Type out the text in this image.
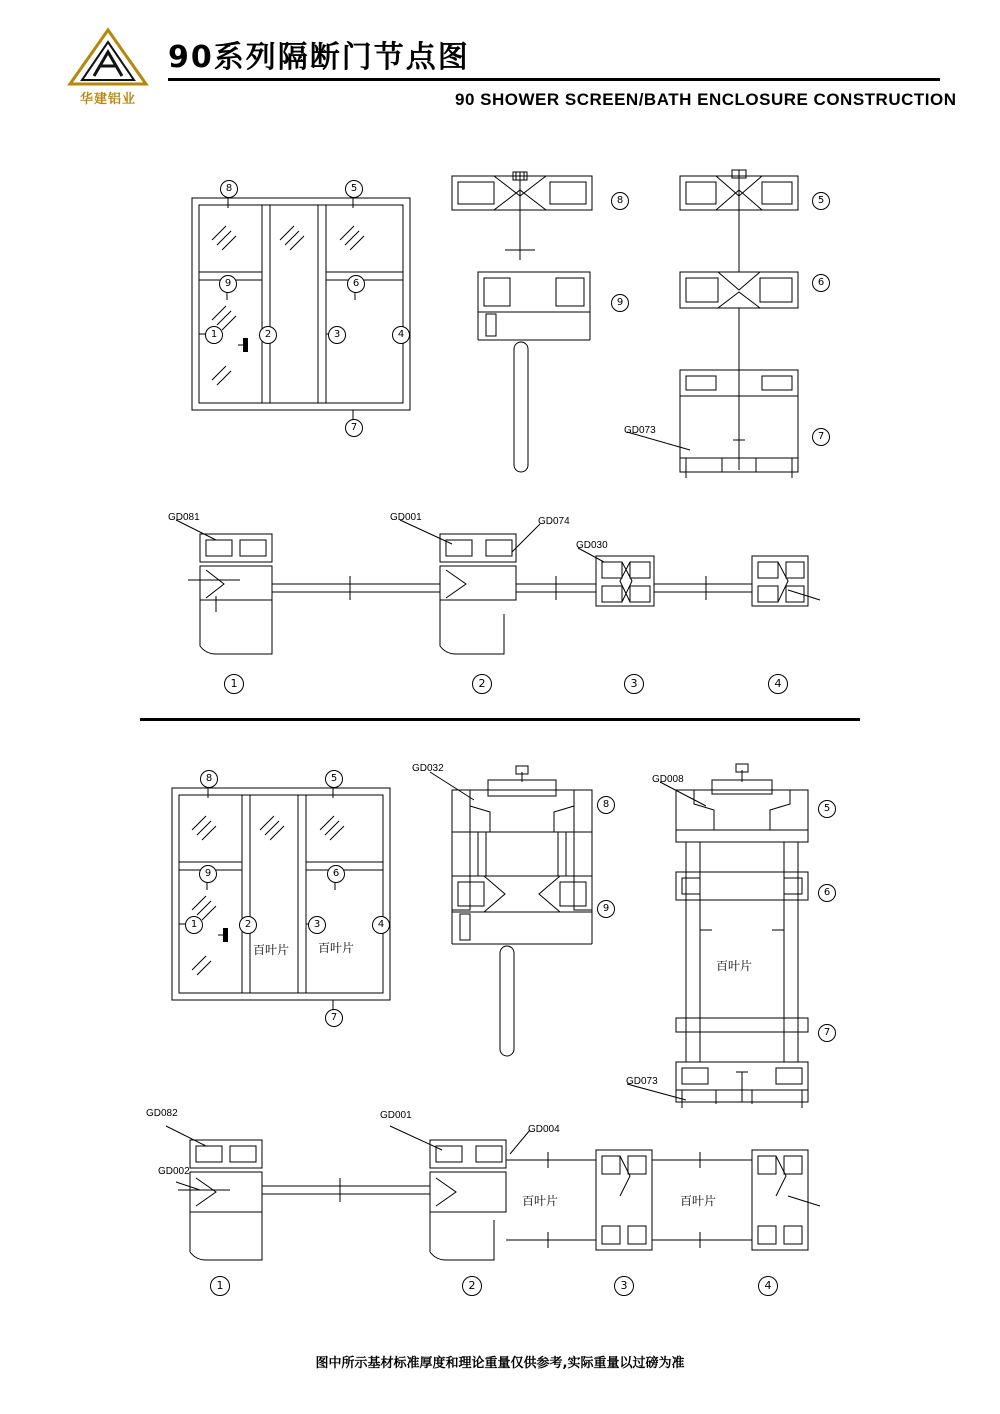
华建铝业
90系列隔断门节点图
90 SHOWER SCREEN/BATH ENCLOSURE CONSTRUCTION
8	5
9	6
1	2	3	4
7
8
9
5
6
7
GD073
GD081	GD001	GD074
GD030
1	2	3	4
8	5
9	6
1	2	3	4
7
百叶片 百叶片
8
9
5
6
7
百叶片
GD032
GD008
GD073
GD082
GD002
GD001
GD004
百叶片	百叶片
1	2	3	4
图中所示基材标准厚度和理论重量仅供参考,实际重量以过磅为准
